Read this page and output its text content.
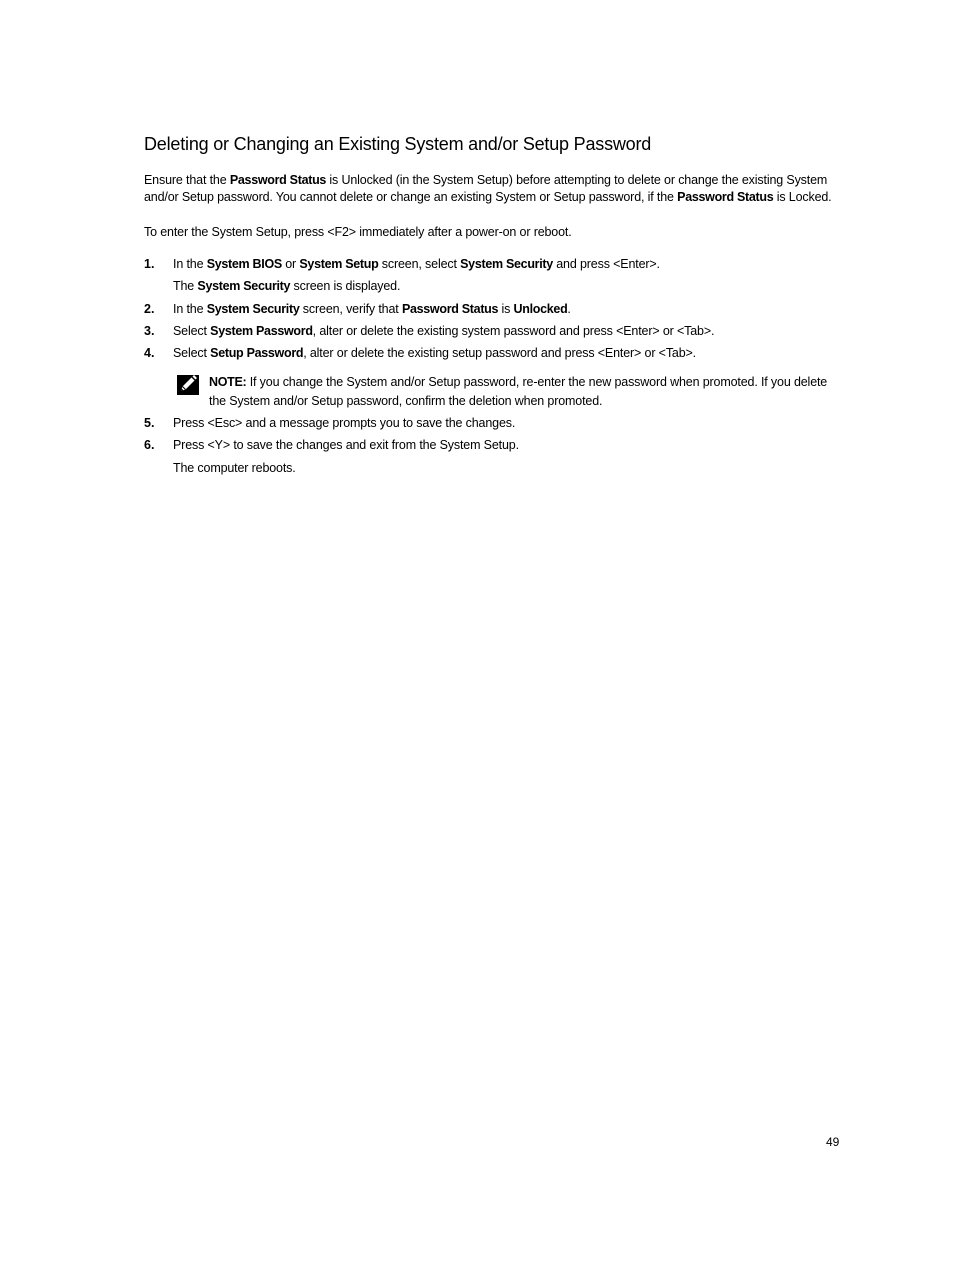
Deleting or Changing an Existing System and/or Setup Password

Ensure that the Password Status is Unlocked (in the System Setup) before attempting to delete or change the existing System and/or Setup password. You cannot delete or change an existing System or Setup password, if the Password Status is Locked.

To enter the System Setup, press <F2> immediately after a power-on or reboot.

1. In the System BIOS or System Setup screen, select System Security and press <Enter>.
The System Security screen is displayed.
2. In the System Security screen, verify that Password Status is Unlocked.
3. Select System Password, alter or delete the existing system password and press <Enter> or <Tab>.
4. Select Setup Password, alter or delete the existing setup password and press <Enter> or <Tab>.
NOTE: If you change the System and/or Setup password, re-enter the new password when promoted. If you delete the System and/or Setup password, confirm the deletion when promoted.
5. Press <Esc> and a message prompts you to save the changes.
6. Press <Y> to save the changes and exit from the System Setup.
The computer reboots.
49
